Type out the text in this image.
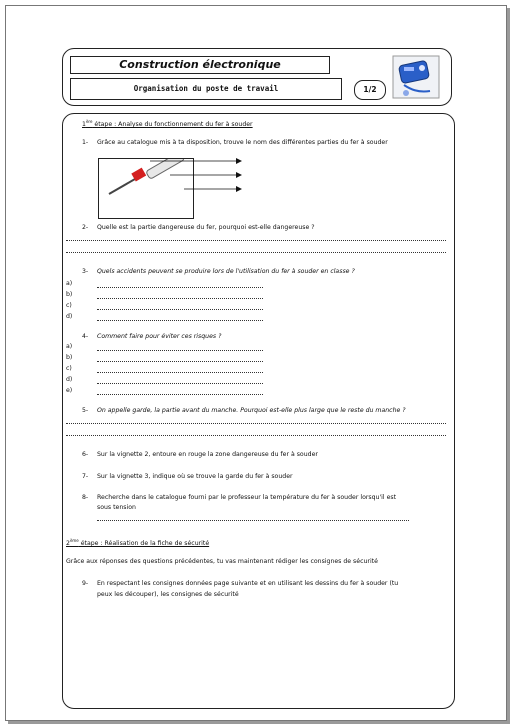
Construction électronique
Organisation du poste de travail	1/2
1ère étape : Analyse du fonctionnement du fer à souder
1- Grâce au catalogue mis à ta disposition, trouve le nom des différentes parties du fer à souder
2- Quelle est la partie dangereuse du fer, pourquoi est-elle dangereuse ?
3- Quels accidents peuvent se produire lors de l'utilisation du fer à souder en classe ?
a)
b)
c)
d)
4- Comment faire pour éviter ces risques ?
a)
b)
c)
d)
e)
5- On appelle garde, la partie avant du manche. Pourquoi est-elle plus large que le reste du manche ?
6- Sur la vignette 2, entoure en rouge la zone dangereuse du fer à souder
7- Sur la vignette 3, indique où se trouve la garde du fer à souder
8- Recherche dans le catalogue fourni par le professeur la température du fer à souder lorsqu'il est
sous tension
2ème étape : Réalisation de la fiche de sécurité
Grâce aux réponses des questions précédentes, tu vas maintenant rédiger les consignes de sécurité
9- En respectant les consignes données page suivante et en utilisant les dessins du fer à souder (tu
peux les découper), les consignes de sécurité
